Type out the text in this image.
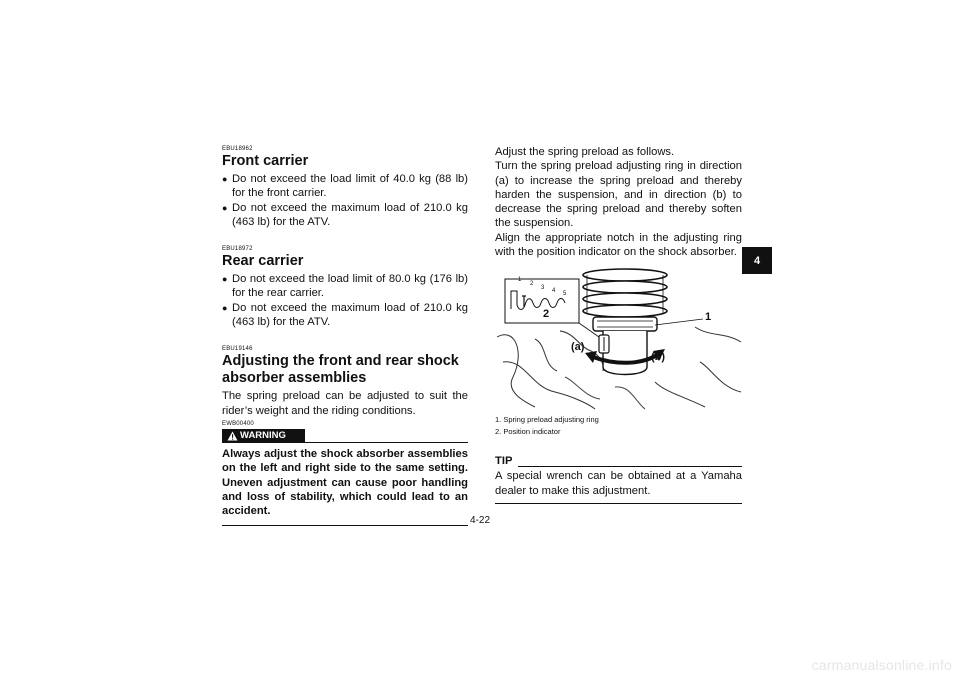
EBU18962

Front carrier
● Do not exceed the load limit of 40.0 kg (88 lb) for the front carrier.
● Do not exceed the maximum load of 210.0 kg (463 lb) for the ATV.

EBU18972

Rear carrier
● Do not exceed the load limit of 80.0 kg (176 lb) for the rear carrier.
● Do not exceed the maximum load of 210.0 kg (463 lb) for the ATV.

EBU19146

Adjusting the front and rear shock absorber assemblies

The spring preload can be adjusted to suit the rider’s weight and the riding conditions.

EWB00400

WARNING
Always adjust the shock absorber assemblies on the left and right side to the same setting. Uneven adjustment can cause poor handling and loss of stability, which could lead to an accident.

Adjust the spring preload as follows.

Turn the spring preload adjusting ring in direction (a) to increase the spring preload and thereby harden the suspension, and in direction (b) to decrease the spring preload and thereby soften the suspension.

Align the appropriate notch in the adjusting ring with the position indicator on the shock absorber.

1
2
3 4 5
2	1
(a)
(b)
1. Spring preload adjusting ring
2. Position indicator
TIP

A special wrench can be obtained at a Yamaha dealer to make this adjustment.

4
4-22
carmanualsonline.info
